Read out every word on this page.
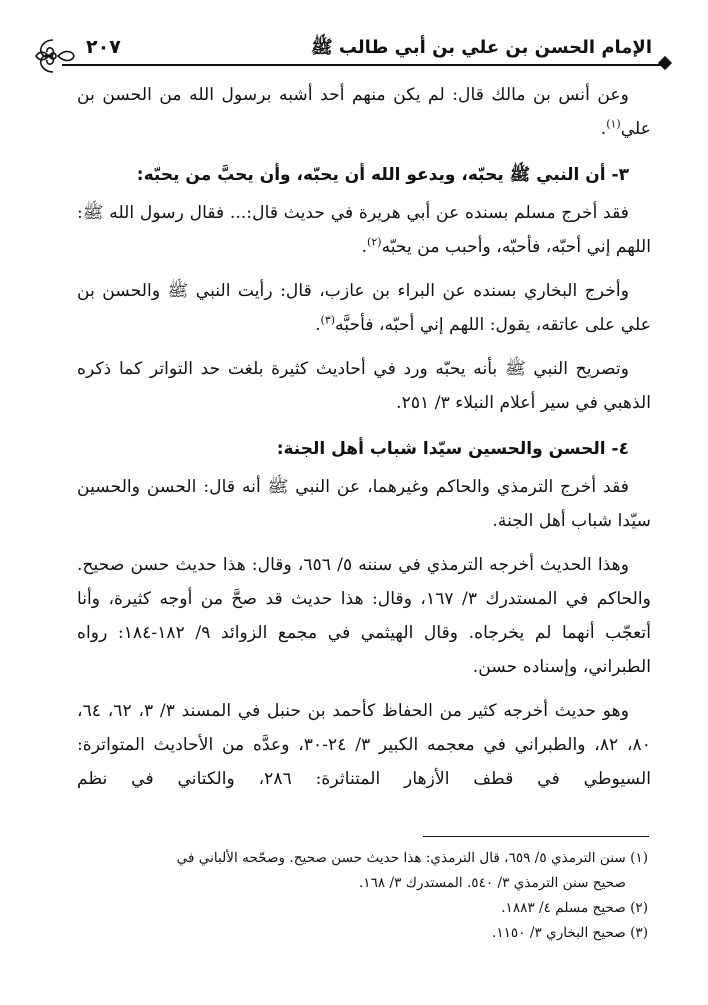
الإمام الحسن بن علي بن أبي طالب ﷺ
٢٠٧

وعن أنس بن مالك قال: لم يكن منهم أحد أشبه برسول الله من الحسن بن علي$^{(١)}$.

٣- أن النبي ﷺ يحبّه، ويدعو الله أن يحبّه، وأن يحبَّ من يحبّه:

فقد أخرج مسلم بسنده عن أبي هريرة في حديث قال:... فقال رسول الله ﷺ: اللهم إني أحبّه، فأحبّه، وأحبب من يحبّه$^{(٢)}$.

وأخرج البخاري بسنده عن البراء بن عازب، قال: رأيت النبي ﷺ والحسن بن علي على عاتقه، يقول: اللهم إني أحبّه، فأحبَّه$^{(٣)}$.

وتصريح النبي ﷺ بأنه يحبّه ورد في أحاديث كثيرة بلغت حد التواتر كما ذكره الذهبي في سير أعلام النبلاء ٣/ ٢٥١.

٤- الحسن والحسين سيّدا شباب أهل الجنة:

فقد أخرج الترمذي والحاكم وغيرهما، عن النبي ﷺ أنه قال: الحسن والحسين سيّدا شباب أهل الجنة.

وهذا الحديث أخرجه الترمذي في سننه ٥/ ٦٥٦، وقال: هذا حديث حسن صحيح. والحاكم في المستدرك ٣/ ١٦٧، وقال: هذا حديث قد صحَّ من أوجه كثيرة، وأنا أتعجّب أنهما لم يخرجاه. وقال الهيثمي في مجمع الزوائد ٩/ ١٨٢-١٨٤: رواه الطبراني، وإسناده حسن.

وهو حديث أخرجه كثير من الحفاظ كأحمد بن حنبل في المسند ٣/ ٣، ٦٢، ٦٤، ٨٠، ٨٢، والطبراني في معجمه الكبير ٣/ ٢٤-٣٠، وعدَّه من الأحاديث المتواترة: السيوطي في قطف الأزهار المتناثرة: ٢٨٦، والكتاني في نظم

(١) سنن الترمذي ٥/ ٦٥٩، قال الترمذي: هذا حديث حسن صحيح. وصحّحه الألباني في

صحيح سنن الترمذي ٣/ ٥٤٠. المستدرك ٣/ ١٦٨.

(٢) صحيح مسلم ٤/ ١٨٨٣.

(٣) صحيح البخاري ٣/ ١١٥٠.
